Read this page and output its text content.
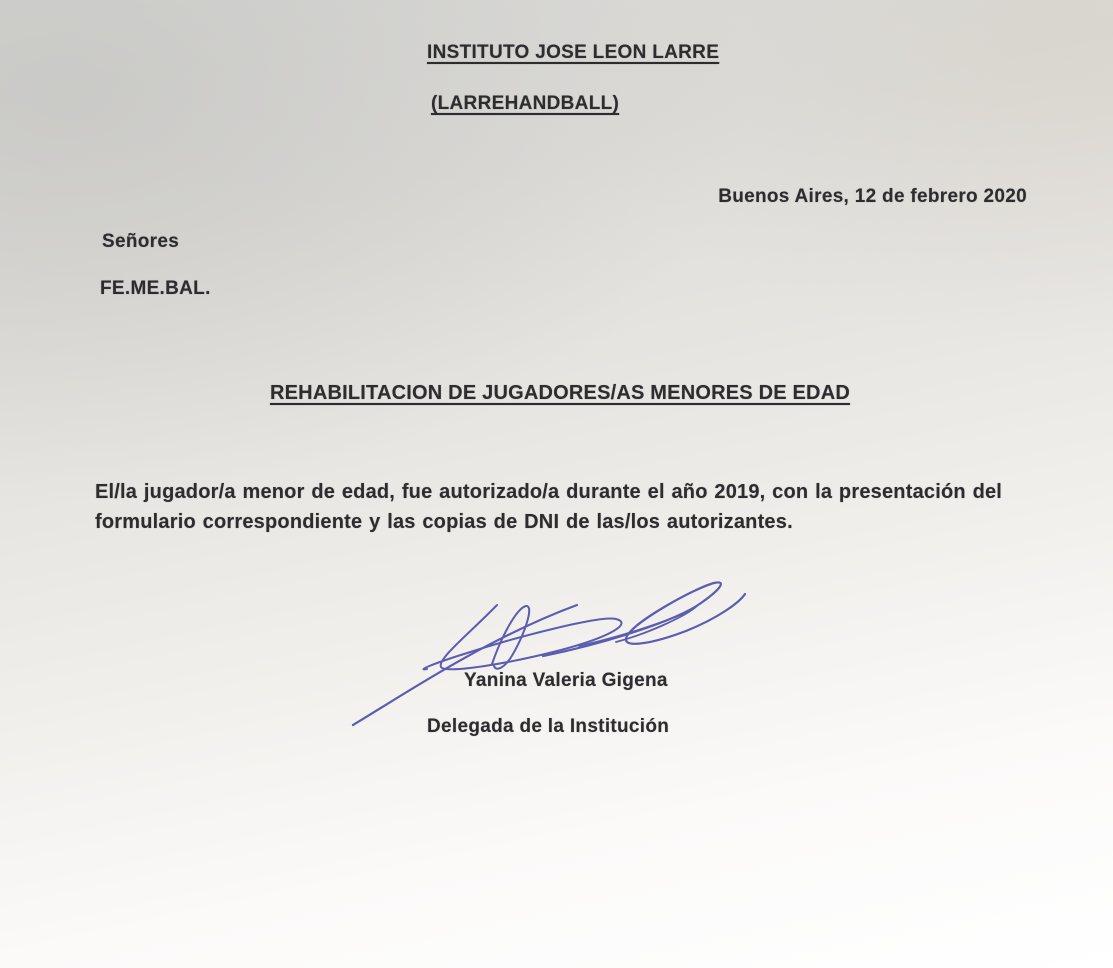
INSTITUTO JOSE LEON LARRE
(LARREHANDBALL)
Buenos Aires, 12 de febrero 2020
Señores
FE.ME.BAL.
REHABILITACION DE JUGADORES/AS MENORES DE EDAD
El/la jugador/a menor de edad, fue autorizado/a durante el año 2019, con la presentación del formulario correspondiente y las copias de DNI de las/los autorizantes.
Yanina Valeria Gigena
Delegada de la Institución
